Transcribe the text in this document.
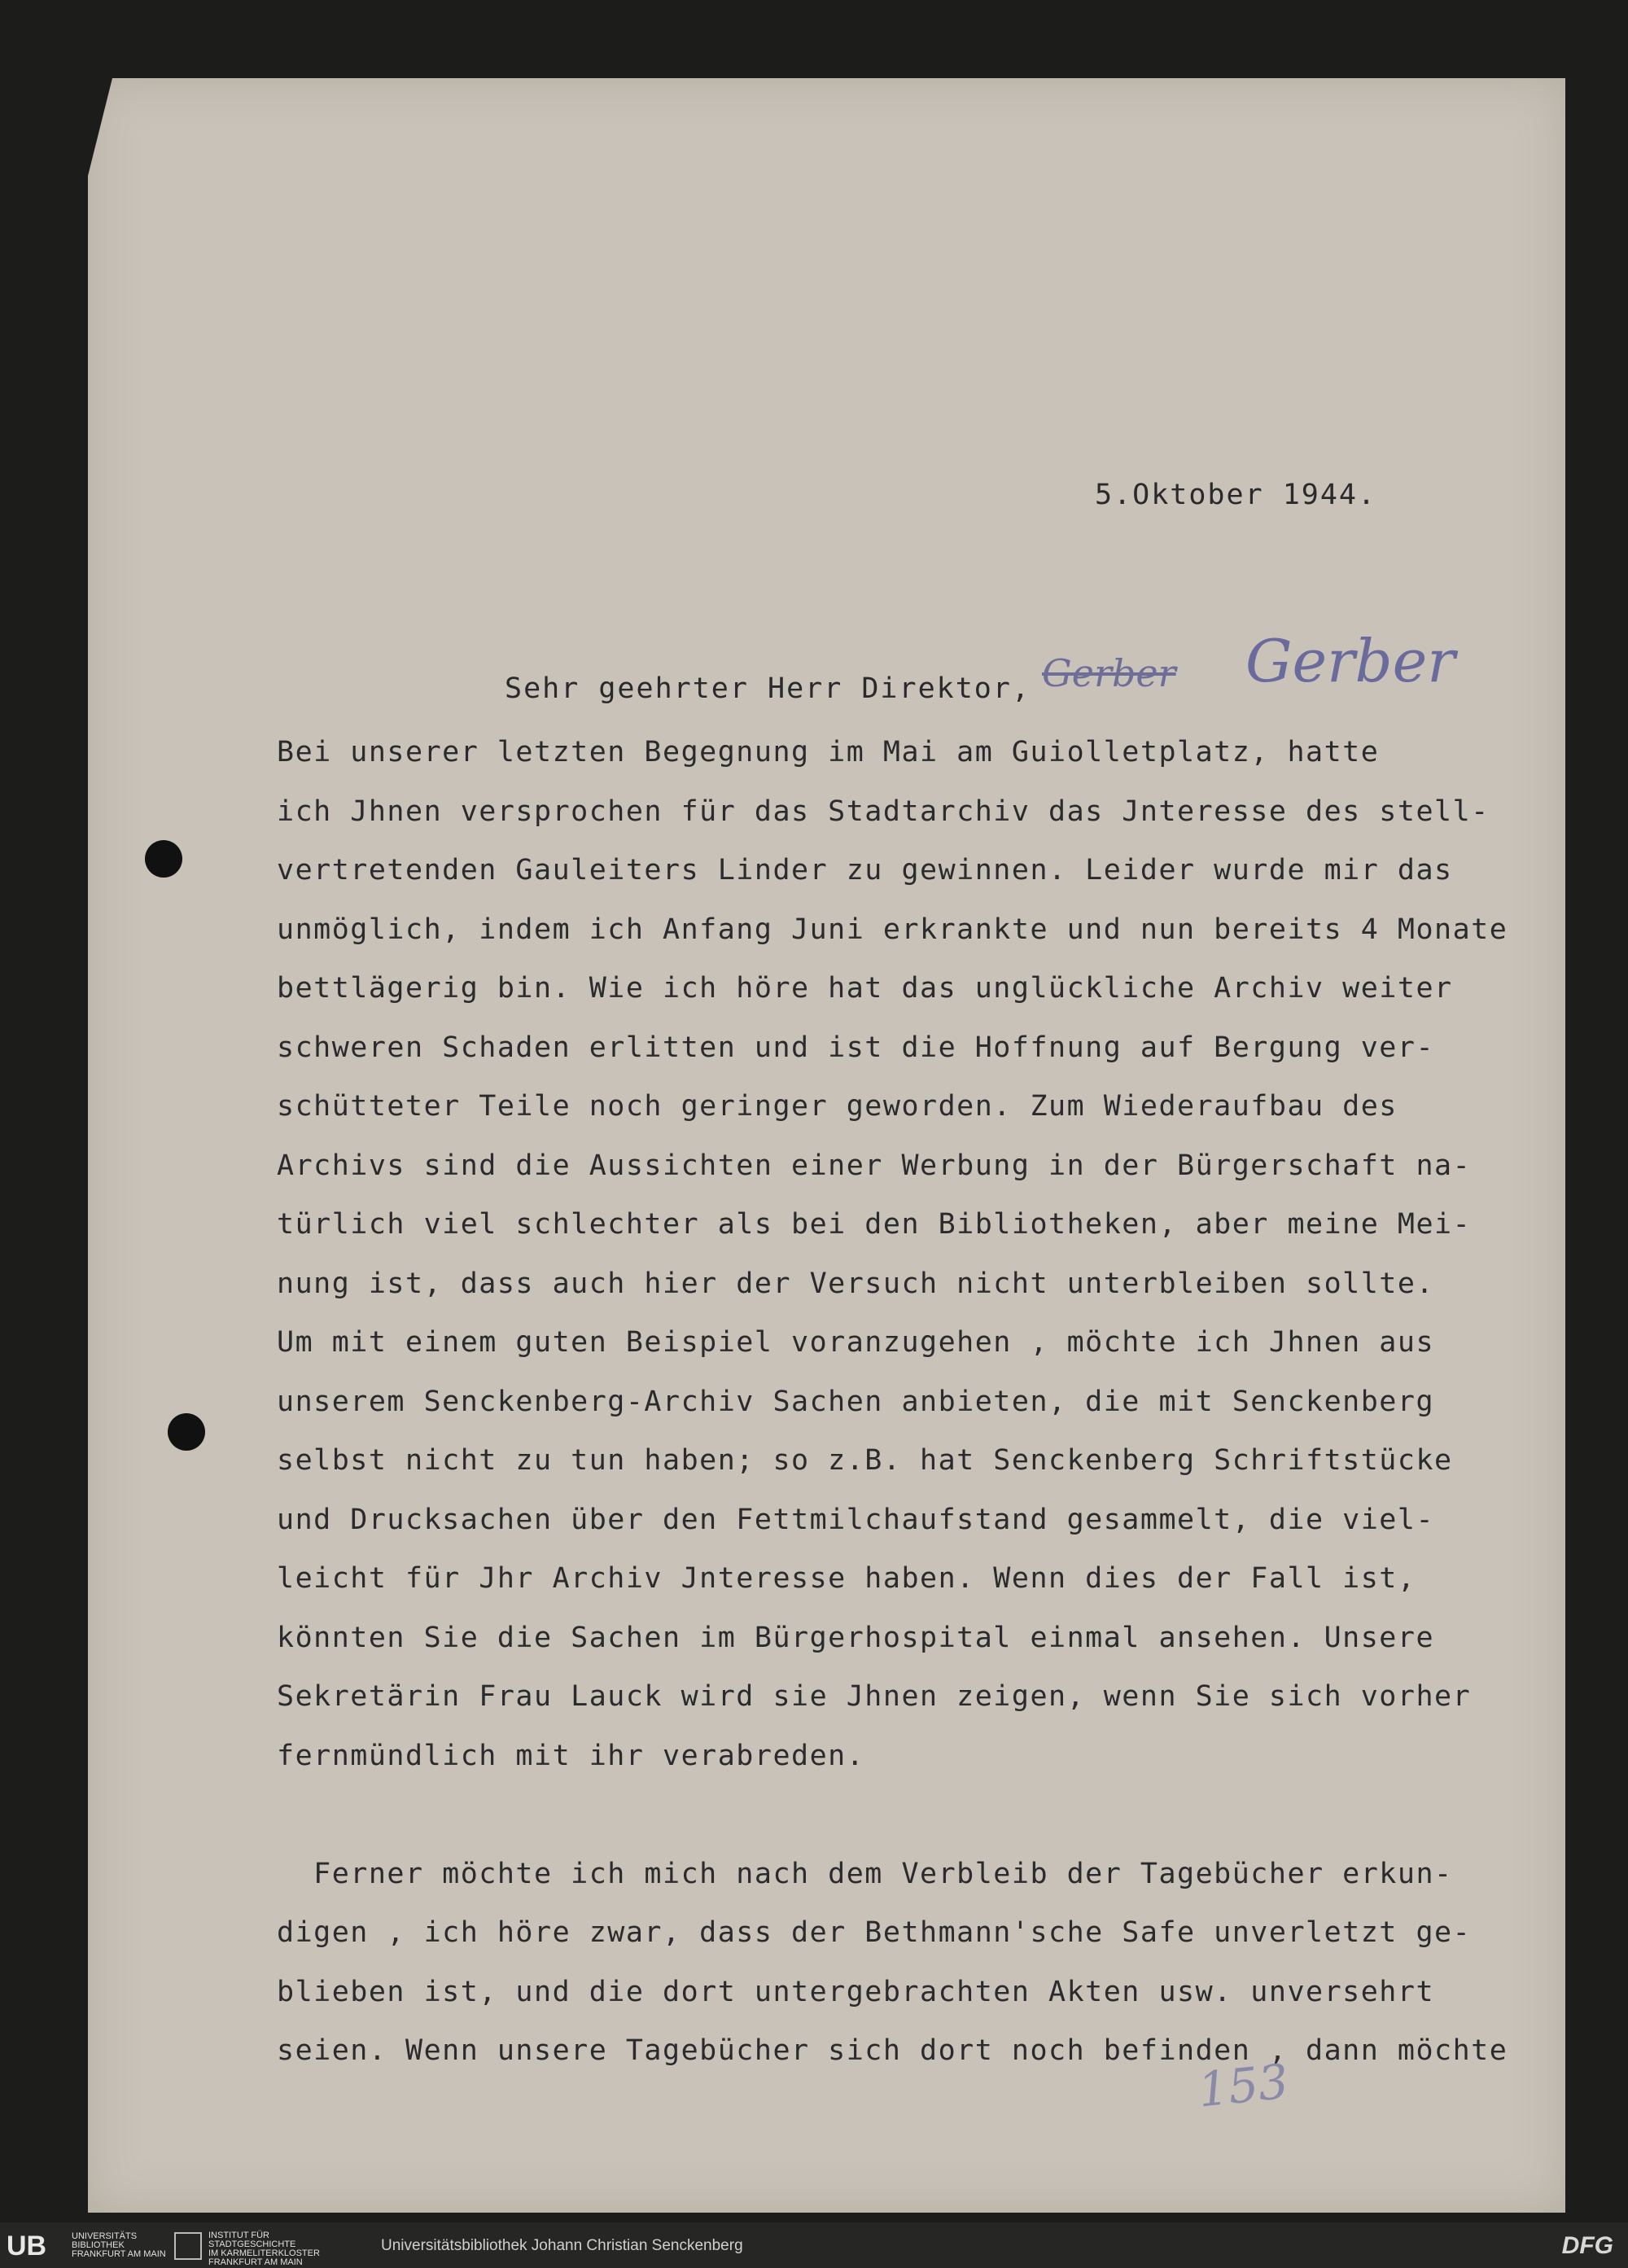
5.Oktober 1944.
Sehr geehrter Herr Direktor, Gerber Gerber
Bei unserer letzten Begegnung im Mai am Guiolletplatz, hatte
ich Jhnen versprochen für das Stadtarchiv das Jnteresse des stell-
vertretenden Gauleiters Linder zu gewinnen. Leider wurde mir das
unmöglich, indem ich Anfang Juni erkrankte und nun bereits 4 Monate
bettlägerig bin. Wie ich höre hat das unglückliche Archiv weiter
schweren Schaden erlitten und ist die Hoffnung auf Bergung ver-
schütteter Teile noch geringer geworden. Zum Wiederaufbau des
Archivs sind die Aussichten einer Werbung in der Bürgerschaft na-
türlich viel schlechter als bei den Bibliotheken, aber meine Mei-
nung ist, dass auch hier der Versuch nicht unterbleiben sollte.
Um mit einem guten Beispiel voranzugehen , möchte ich Jhnen aus
unserem Senckenberg-Archiv Sachen anbieten, die mit Senckenberg
selbst nicht zu tun haben; so z.B. hat Senckenberg Schriftstücke
und Drucksachen über den Fettmilchaufstand gesammelt, die viel-
leicht für Jhr Archiv Jnteresse haben. Wenn dies der Fall ist,
könnten Sie die Sachen im Bürgerhospital einmal ansehen. Unsere
Sekretärin Frau Lauck wird sie Jhnen zeigen, wenn Sie sich vorher
fernmündlich mit ihr verabreden.

Ferner möchte ich mich nach dem Verbleib der Tagebücher erkun-
digen , ich höre zwar, dass der Bethmann'sche Safe unverletzt ge-
blieben ist, und die dort untergebrachten Akten usw. unversehrt
seien. Wenn unsere Tagebücher sich dort noch befinden , dann möchte
153
UB	UNIVERSITÄTS
BIBLIOTHEK
FRANKFURT AM MAIN
INSTITUT FÜR
STADTGESCHICHTE
IM KARMELITERKLOSTER
FRANKFURT AM MAIN
Universitätsbibliothek Johann Christian Senckenberg	DFG
